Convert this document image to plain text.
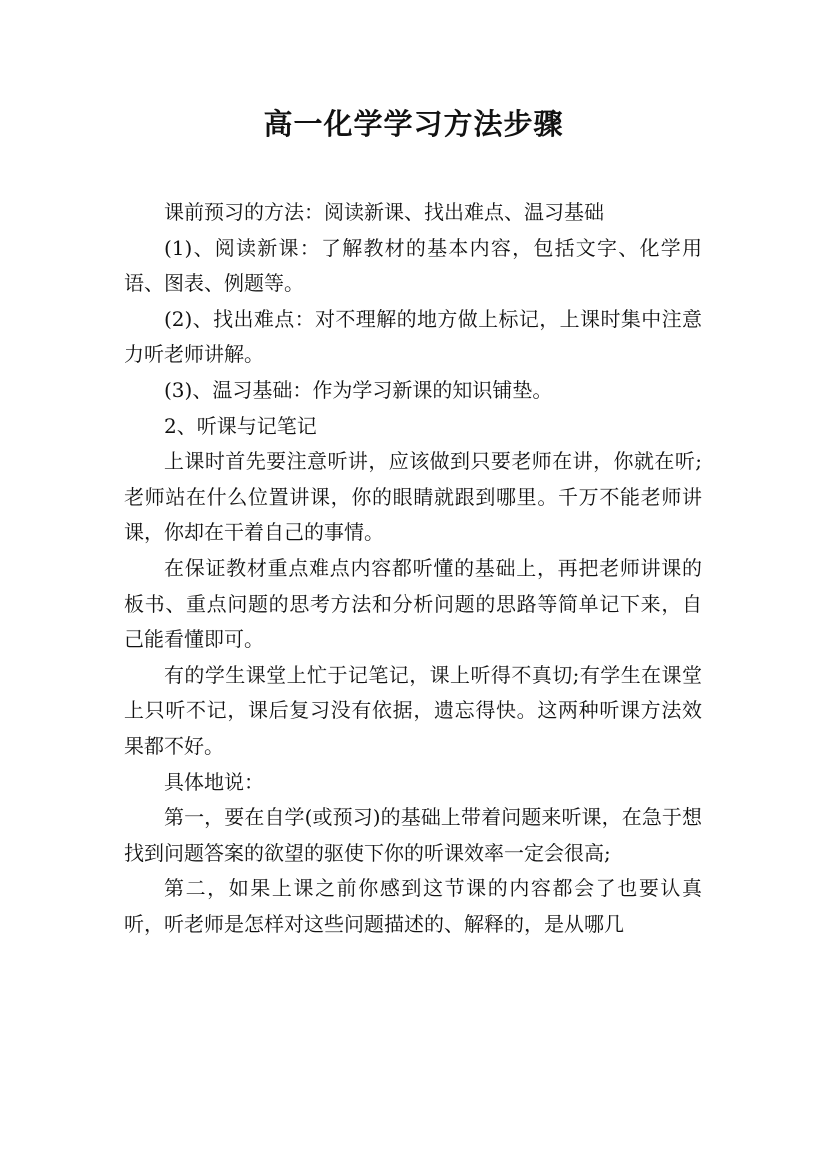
高一化学学习方法步骤

课前预习的方法：阅读新课、找出难点、温习基础

(1)、阅读新课：了解教材的基本内容，包括文字、化学用语、图表、例题等。

(2)、找出难点：对不理解的地方做上标记，上课时集中注意力听老师讲解。

(3)、温习基础：作为学习新课的知识铺垫。

2、听课与记笔记

上课时首先要注意听讲，应该做到只要老师在讲，你就在听;老师站在什么位置讲课，你的眼睛就跟到哪里。千万不能老师讲课，你却在干着自己的事情。

在保证教材重点难点内容都听懂的基础上，再把老师讲课的板书、重点问题的思考方法和分析问题的思路等简单记下来，自己能看懂即可。

有的学生课堂上忙于记笔记，课上听得不真切;有学生在课堂上只听不记，课后复习没有依据，遗忘得快。这两种听课方法效果都不好。

具体地说：

第一，要在自学(或预习)的基础上带着问题来听课，在急于想找到问题答案的欲望的驱使下你的听课效率一定会很高;

第二，如果上课之前你感到这节课的内容都会了也要认真听，听老师是怎样对这些问题描述的、解释的，是从哪几
